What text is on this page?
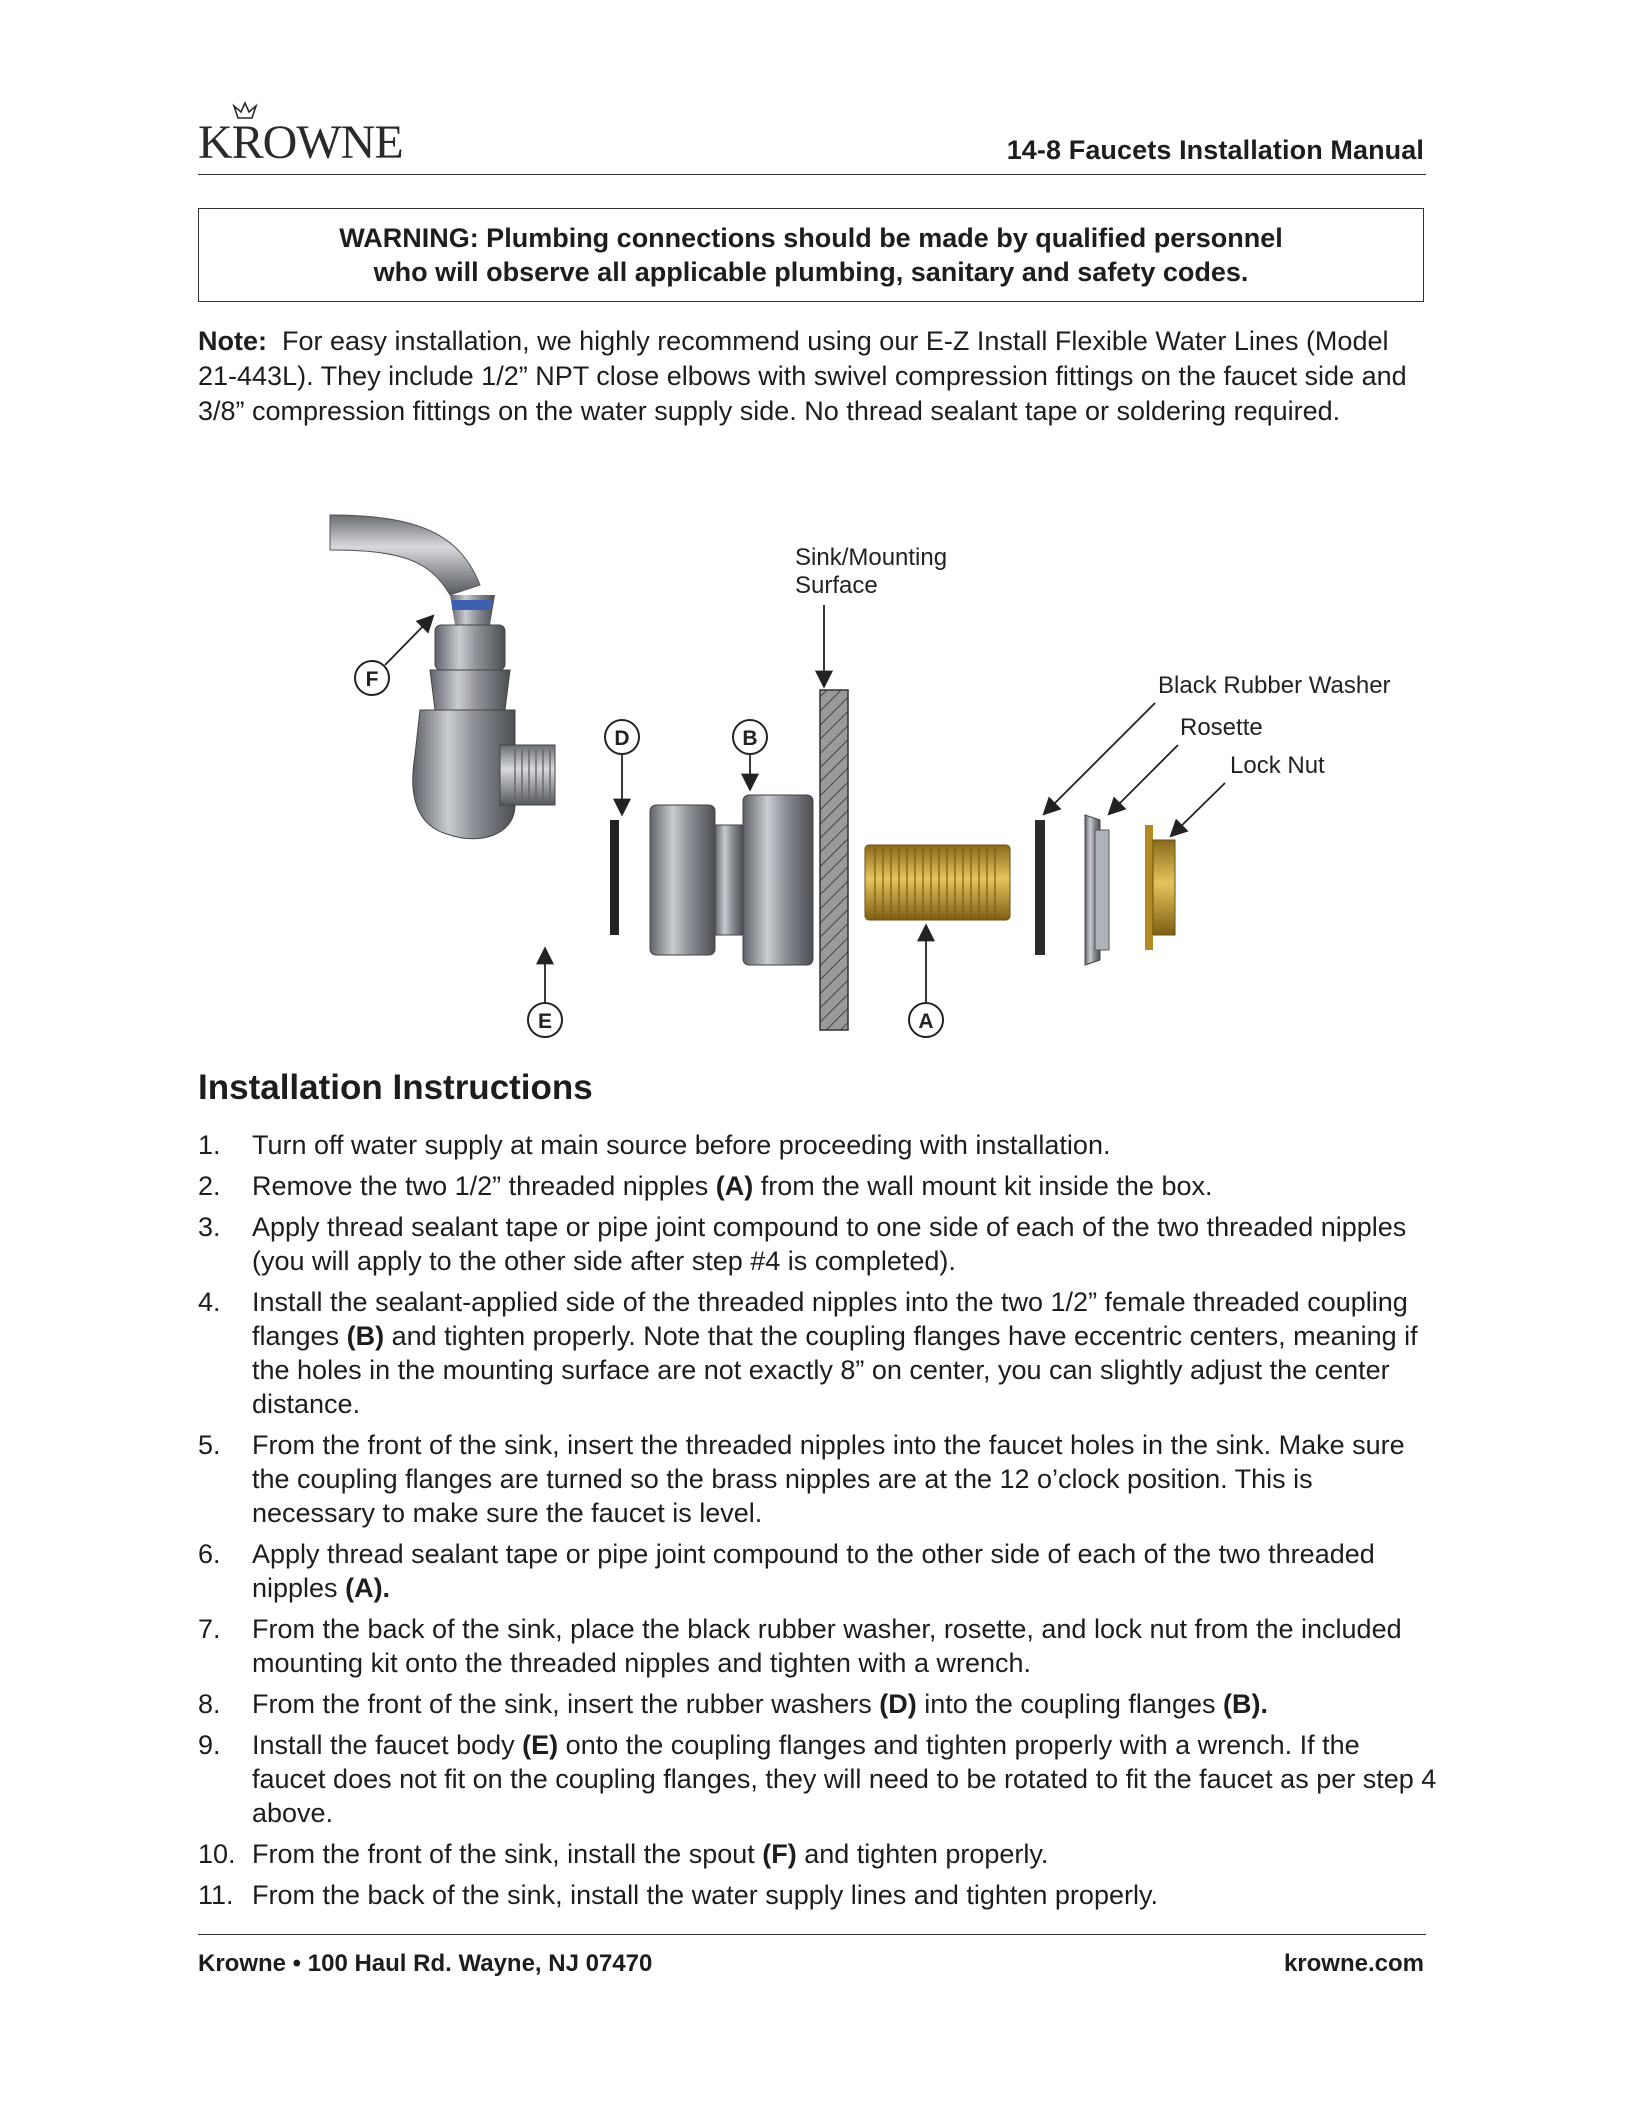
KROWNE	14-8 Faucets Installation Manual
WARNING: Plumbing connections should be made by qualified personnel
who will observe all applicable plumbing, sanitary and safety codes.
Note: For easy installation, we highly recommend using our E-Z Install Flexible Water Lines (Model 21-443L). They include 1/2” NPT close elbows with swivel compression fittings on the faucet side and 3/8” compression fittings on the water supply side. No thread sealant tape or soldering required.
Sink/Mounting
Surface
Black Rubber Washer
Rosette
Lock Nut
F
D	B
E	A
Installation Instructions
1. Turn off water supply at main source before proceeding with installation.
2. Remove the two 1/2” threaded nipples (A) from the wall mount kit inside the box.
3. Apply thread sealant tape or pipe joint compound to one side of each of the two threaded nipples (you will apply to the other side after step #4 is completed).
4. Install the sealant-applied side of the threaded nipples into the two 1/2” female threaded coupling flanges (B) and tighten properly. Note that the coupling flanges have eccentric centers, meaning if the holes in the mounting surface are not exactly 8” on center, you can slightly adjust the center distance.
5. From the front of the sink, insert the threaded nipples into the faucet holes in the sink. Make sure the coupling flanges are turned so the brass nipples are at the 12 o’clock position. This is necessary to make sure the faucet is level.
6. Apply thread sealant tape or pipe joint compound to the other side of each of the two threaded nipples (A).
7. From the back of the sink, place the black rubber washer, rosette, and lock nut from the included mounting kit onto the threaded nipples and tighten with a wrench.
8. From the front of the sink, insert the rubber washers (D) into the coupling flanges (B).
9. Install the faucet body (E) onto the coupling flanges and tighten properly with a wrench. If the faucet does not fit on the coupling flanges, they will need to be rotated to fit the faucet as per step 4 above.
10. From the front of the sink, install the spout (F) and tighten properly.
11. From the back of the sink, install the water supply lines and tighten properly.
Krowne • 100 Haul Rd. Wayne, NJ 07470	krowne.com
